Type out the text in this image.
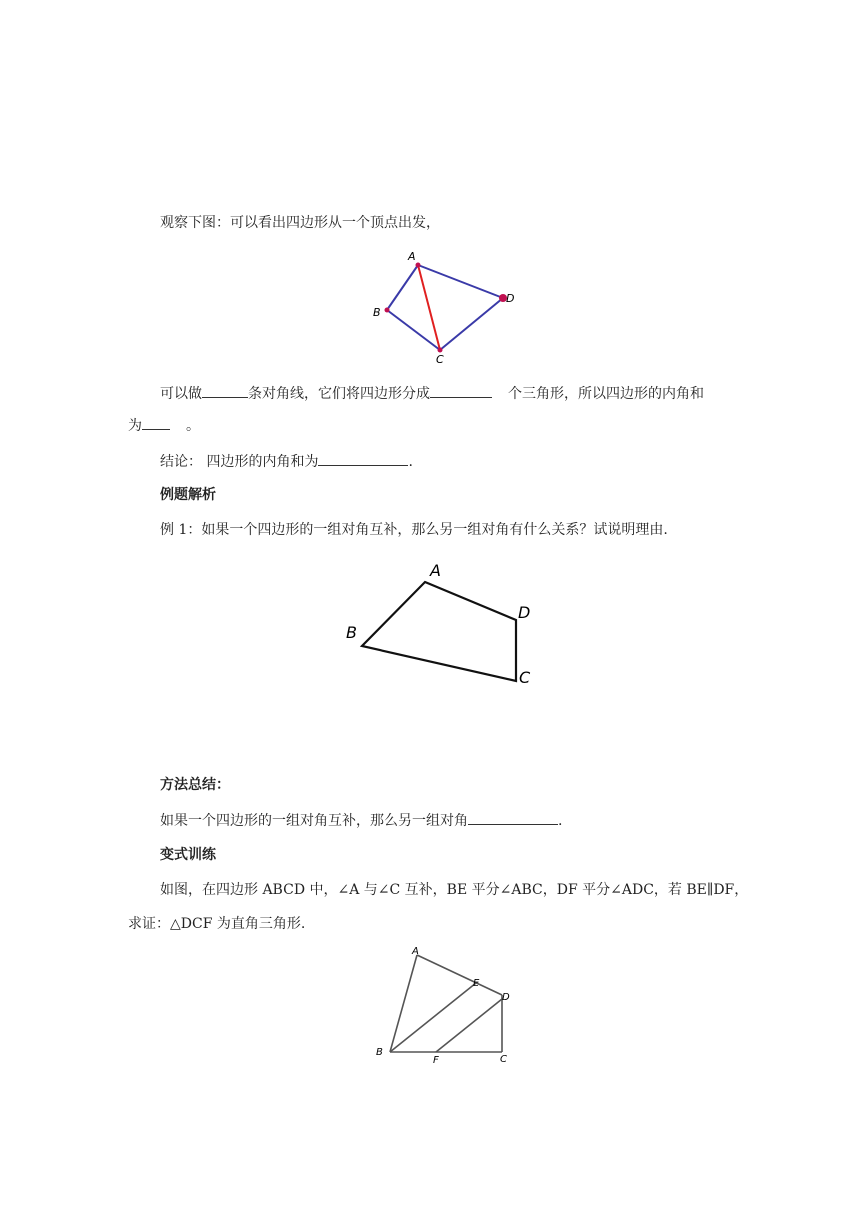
观察下图：可以看出四边形从一个顶点出发，
A
D
B
C
可以做	条对角线，它们将四边形分成	个三角形，所以四边形的内角和
为	。
结论： 四边形的内角和为	.
例题解析
例 1：如果一个四边形的一组对角互补，那么另一组对角有什么关系？试说明理由.
A
D
B
C
方法总结：
如果一个四边形的一组对角互补，那么另一组对角	.
变式训练
如图，在四边形 ABCD 中，∠A 与∠C 互补，BE 平分∠ABC，DF 平分∠ADC，若 BE∥DF，
求证：△DCF 为直角三角形.
A
E
D
B
F	C
